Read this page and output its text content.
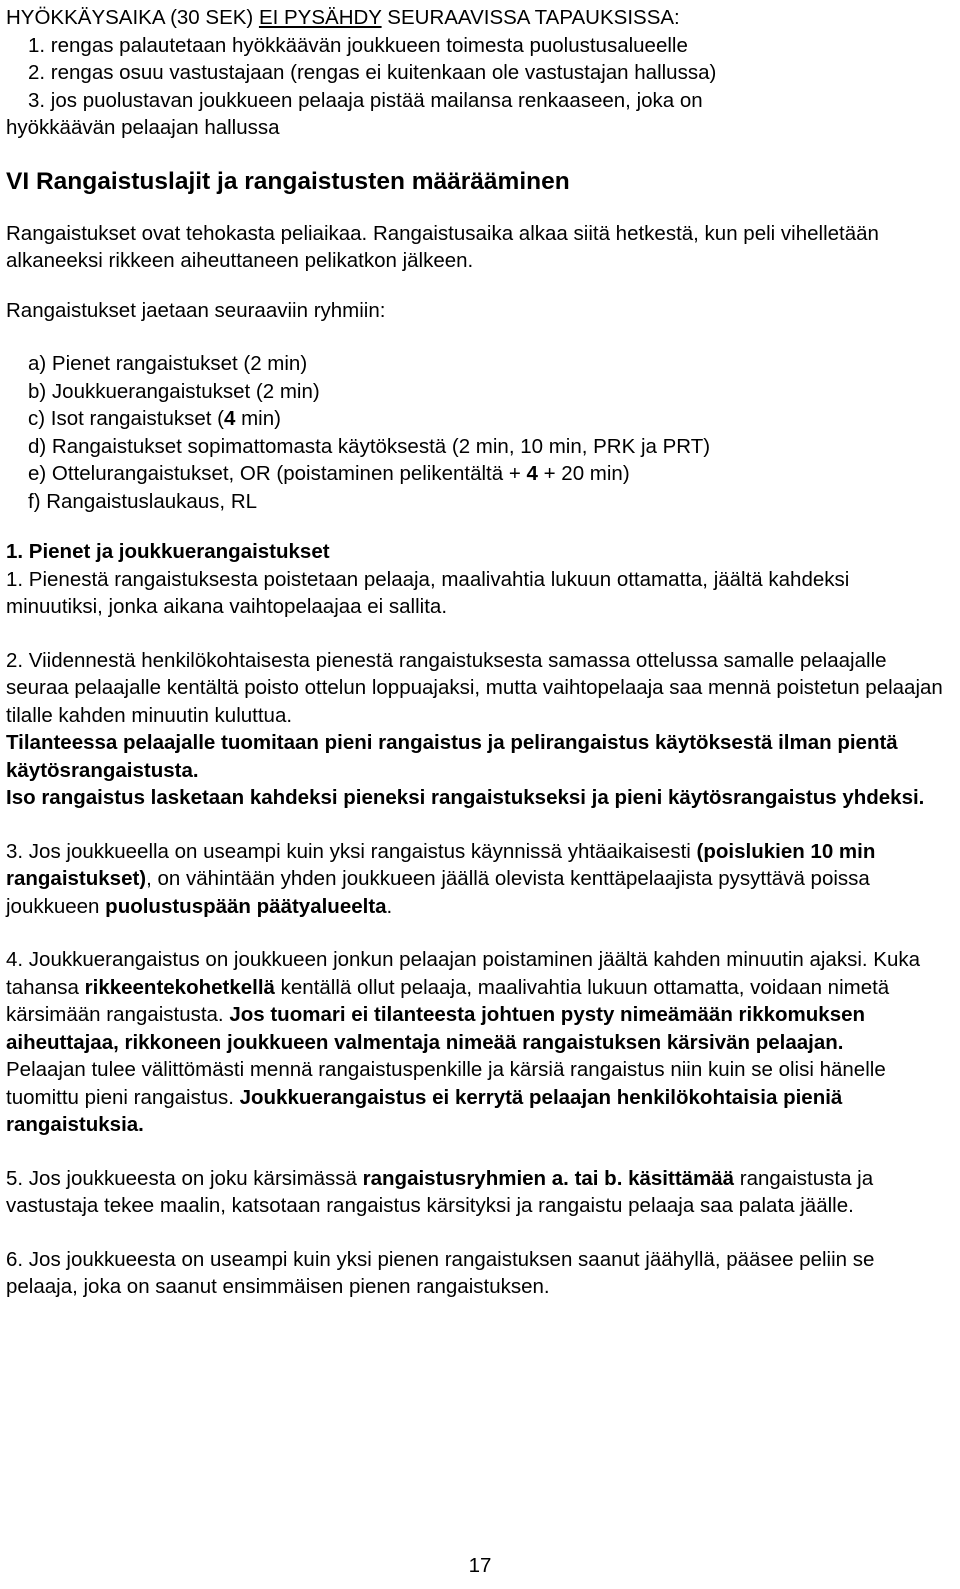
HYÖKKÄYSAIKA (30 SEK) EI PYSÄHDY SEURAAVISSA TAPAUKSISSA:

1. rengas palautetaan hyökkäävän joukkueen toimesta puolustusalueelle

2. rengas osuu vastustajaan (rengas ei kuitenkaan ole vastustajan hallussa)

3. jos puolustavan joukkueen pelaaja pistää mailansa renkaaseen, joka on hyökkäävän pelaajan hallussa

VI Rangaistuslajit ja rangaistusten määrääminen

Rangaistukset ovat tehokasta peliaikaa. Rangaistusaika alkaa siitä hetkestä, kun peli vihelletään alkaneeksi rikkeen aiheuttaneen pelikatkon jälkeen.

Rangaistukset jaetaan seuraaviin ryhmiin:

a) Pienet rangaistukset (2 min)

b) Joukkuerangaistukset (2 min)

c) Isot rangaistukset (4 min)

d) Rangaistukset sopimattomasta käytöksestä (2 min, 10 min, PRK ja PRT)

e) Ottelurangaistukset, OR (poistaminen pelikentältä + 4 + 20 min)

f) Rangaistuslaukaus, RL

1. Pienet ja joukkuerangaistukset

1. Pienestä rangaistuksesta poistetaan pelaaja, maalivahtia lukuun ottamatta, jäältä kahdeksi minuutiksi, jonka aikana vaihtopelaajaa ei sallita.

2. Viidennestä henkilökohtaisesta pienestä rangaistuksesta samassa ottelussa samalle pelaajalle seuraa pelaajalle kentältä poisto ottelun loppuajaksi, mutta vaihtopelaaja saa mennä poistetun pelaajan tilalle kahden minuutin kuluttua.

Tilanteessa pelaajalle tuomitaan pieni rangaistus ja pelirangaistus käytöksestä ilman pientä käytösrangaistusta.

Iso rangaistus lasketaan kahdeksi pieneksi rangaistukseksi ja pieni käytösrangaistus yhdeksi.

3. Jos joukkueella on useampi kuin yksi rangaistus käynnissä yhtäaikaisesti (poislukien 10 min rangaistukset), on vähintään yhden joukkueen jäällä olevista kenttäpelaajista pysyttävä poissa joukkueen puolustuspään päätyalueelta.

4. Joukkuerangaistus on joukkueen jonkun pelaajan poistaminen jäältä kahden minuutin ajaksi. Kuka tahansa rikkeentekohetkellä kentällä ollut pelaaja, maalivahtia lukuun ottamatta, voidaan nimetä kärsimään rangaistusta. Jos tuomari ei tilanteesta johtuen pysty nimeämään rikkomuksen aiheuttajaa, rikkoneen joukkueen valmentaja nimeää rangaistuksen kärsivän pelaajan.

Pelaajan tulee välittömästi mennä rangaistuspenkille ja kärsiä rangaistus niin kuin se olisi hänelle tuomittu pieni rangaistus. Joukkuerangaistus ei kerrytä pelaajan henkilökohtaisia pieniä rangaistuksia.

5. Jos joukkueesta on joku kärsimässä rangaistusryhmien a. tai b. käsittämää rangaistusta ja vastustaja tekee maalin, katsotaan rangaistus kärsityksi ja rangaistu pelaaja saa palata jäälle.

6. Jos joukkueesta on useampi kuin yksi pienen rangaistuksen saanut jäähyllä, pääsee peliin se pelaaja, joka on saanut ensimmäisen pienen rangaistuksen.

17
